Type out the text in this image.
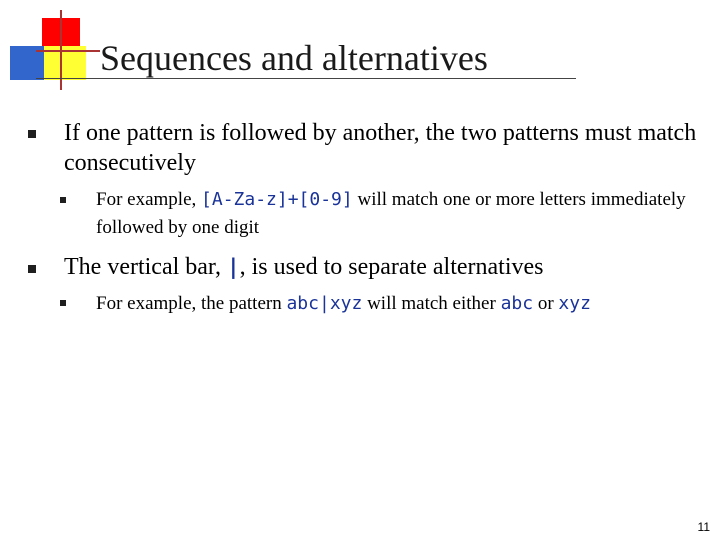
Sequences and alternatives
If one pattern is followed by another, the two patterns must match consecutively
For example, [A-Za-z]+[0-9] will match one or more letters immediately followed by one digit
The vertical bar, |, is used to separate alternatives
For example, the pattern abc|xyz will match either abc or xyz
11
